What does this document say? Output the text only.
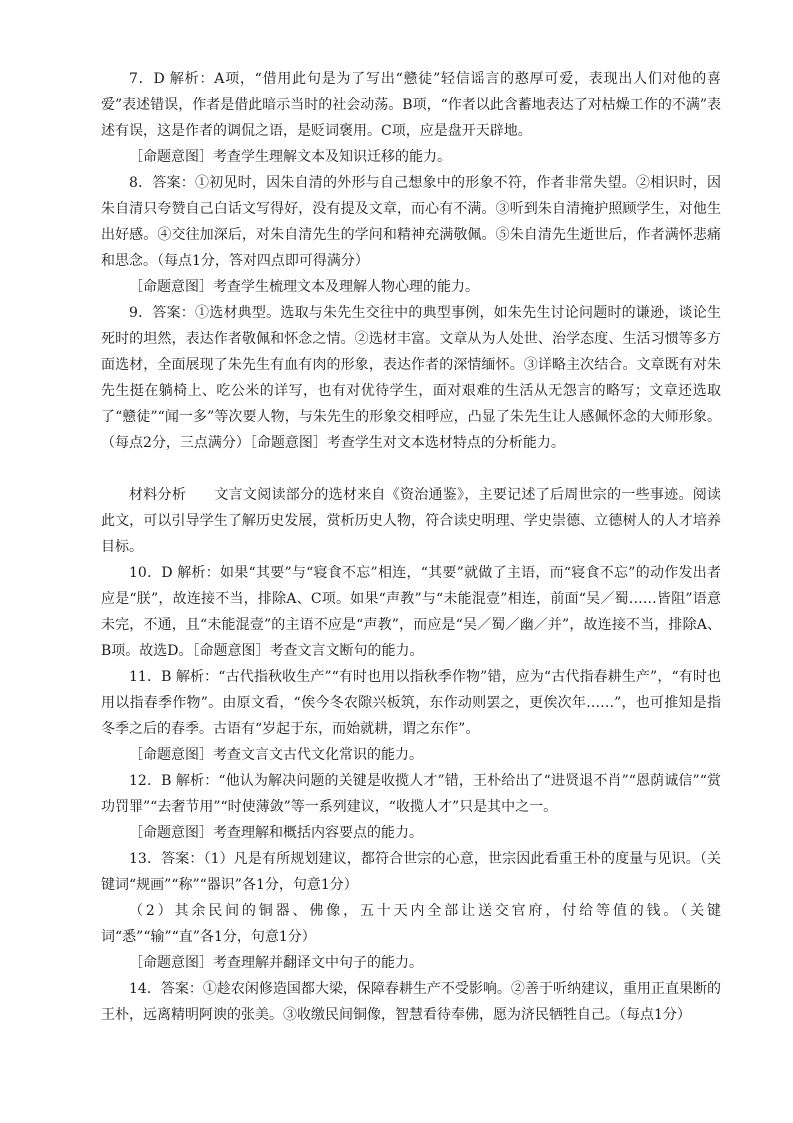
7．D 解析：A项，“借用此句是为了写出“戆徒”轻信谣言的憨厚可爱，表现出人们对他的喜爱”表述错误，作者是借此暗示当时的社会动荡。B项，“作者以此含蓄地表达了对枯燥工作的不满”表述有误，这是作者的调侃之语，是贬词褒用。C项，应是盘开天辟地。

［命题意图］考查学生理解文本及知识迁移的能力。

8．答案：①初见时，因朱自清的外形与自己想象中的形象不符，作者非常失望。②相识时，因朱自清只夸赞自己白话文写得好，没有提及文章，而心有不满。③听到朱自清掩护照顾学生，对他生出好感。④交往加深后，对朱自清先生的学问和精神充满敬佩。⑤朱自清先生逝世后，作者满怀悲痛和思念。（每点1分，答对四点即可得满分）

［命题意图］考查学生梳理文本及理解人物心理的能力。

9．答案：①选材典型。选取与朱先生交往中的典型事例，如朱先生讨论问题时的谦逊，谈论生死时的坦然，表达作者敬佩和怀念之情。②选材丰富。文章从为人处世、治学态度、生活习惯等多方面选材，全面展现了朱先生有血有肉的形象，表达作者的深情缅怀。③详略主次结合。文章既有对朱先生挺在躺椅上、吃公米的详写，也有对优待学生，面对艰难的生活从无怨言的略写；文章还选取了“戆徒”“闻一多”等次要人物，与朱先生的形象交相呼应，凸显了朱先生让人感佩怀念的大师形象。（每点2分，三点满分）［命题意图］考查学生对文本选材特点的分析能力。

材料分析 文言文阅读部分的选材来自《资治通鉴》，主要记述了后周世宗的一些事迹。阅读此文，可以引导学生了解历史发展，赏析历史人物，符合读史明理、学史崇德、立德树人的人才培养目标。

10．D 解析：如果“其要”与“寝食不忘”相连，“其要”就做了主语，而“寝食不忘”的动作发出者应是“朕”，故连接不当，排除A、C项。如果“声教”与“未能混壹”相连，前面“吴／蜀……皆阻”语意未完，不通，且“未能混壹”的主语不应是“声教”，而应是“吴／蜀／幽／并”，故连接不当，排除A、B项。故选D。［命题意图］考查文言文断句的能力。

11．B 解析：“古代指秋收生产”“有时也用以指秋季作物”错，应为“古代指春耕生产”，“有时也用以指春季作物”。由原文看，“俟今冬农隙兴板筑，东作动则罢之，更俟次年……”，也可推知是指冬季之后的春季。古语有“岁起于东，而始就耕，谓之东作”。

［命题意图］考查文言文古代文化常识的能力。

12．B 解析：“他认为解决问题的关键是收揽人才”错，王朴给出了“进贤退不肖”“恩荫诚信”“赏功罚罪”“去奢节用”“时使薄敛”等一系列建议，“收揽人才”只是其中之一。

［命题意图］考查理解和概括内容要点的能力。

13．答案：（1）凡是有所规划建议，都符合世宗的心意，世宗因此看重王朴的度量与见识。（关键词“规画”“称”“器识”各1分，句意1分）

（2）其余民间的铜器、佛像，五十天内全部让送交官府，付给等值的钱。（关键词“悉”“输”“直”各1分，句意1分）

［命题意图］考查理解并翻译文中句子的能力。

14．答案：①趁农闲修造国都大梁，保障春耕生产不受影响。②善于听纳建议，重用正直果断的王朴，远离精明阿谀的张美。③收缴民间铜像，智慧看待奉佛，愿为济民牺牲自己。（每点1分）
